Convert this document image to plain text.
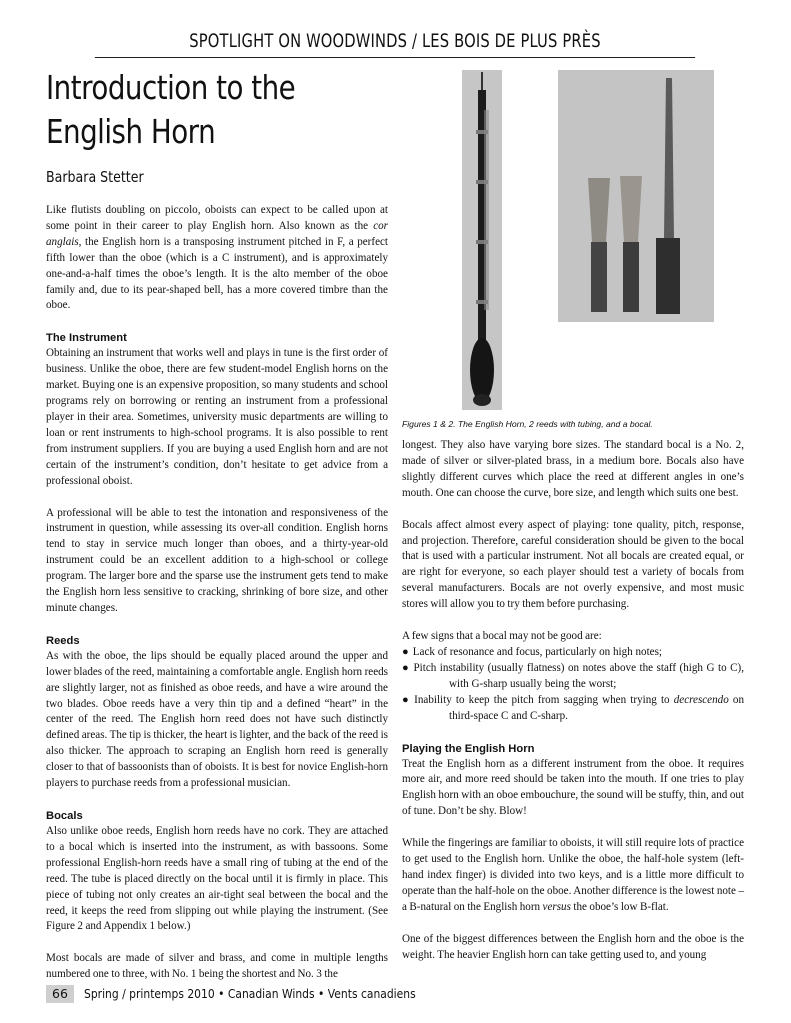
SPOTLIGHT ON WOODWINDS / LES BOIS DE PLUS PRÈS
Introduction to the English Horn
Barbara Stetter

Like flutists doubling on piccolo, oboists can expect to be called upon at some point in their career to play English horn. Also known as the cor anglais, the English horn is a transposing instrument pitched in F, a perfect fifth lower than the oboe (which is a C instrument), and is approximately one-and-a-half times the oboe’s length. It is the alto member of the oboe family and, due to its pear-shaped bell, has a more covered timbre than the oboe.

The Instrument

Obtaining an instrument that works well and plays in tune is the first order of business. Unlike the oboe, there are few student-model English horns on the market. Buying one is an expensive proposition, so many students and school programs rely on borrowing or renting an instrument from a professional player in their area. Sometimes, university music departments are willing to loan or rent instruments to high-school programs. It is also possible to rent from instrument suppliers. If you are buying a used English horn and are not certain of the instrument’s condition, don’t hesitate to get advice from a professional oboist.

A professional will be able to test the intonation and responsiveness of the instrument in question, while assessing its over-all condition. English horns tend to stay in service much longer than oboes, and a thirty-year-old instrument could be an excellent addition to a high-school or college program. The larger bore and the sparse use the instrument gets tend to make the English horn less sensitive to cracking, shrinking of bore size, and other minute changes.

Reeds

As with the oboe, the lips should be equally placed around the upper and lower blades of the reed, maintaining a comfortable angle. English horn reeds are slightly larger, not as finished as oboe reeds, and have a wire around the two blades. Oboe reeds have a very thin tip and a defined “heart” in the center of the reed. The English horn reed does not have such distinctly defined areas. The tip is thicker, the heart is lighter, and the back of the reed is also thicker. The approach to scraping an English horn reed is generally closer to that of bassoonists than of oboists. It is best for novice English-horn players to purchase reeds from a professional musician.

Bocals

Also unlike oboe reeds, English horn reeds have no cork. They are attached to a bocal which is inserted into the instrument, as with bassoons. Some professional English-horn reeds have a small ring of tubing at the end of the reed. The tube is placed directly on the bocal until it is firmly in place. This piece of tubing not only creates an air-tight seal between the bocal and the reed, it keeps the reed from slipping out while playing the instrument. (See Figure 2 and Appendix 1 below.)

Most bocals are made of silver and brass, and come in multiple lengths numbered one to three, with No. 1 being the shortest and No. 3 the

Figures 1 & 2. The English Horn, 2 reeds with tubing, and a bocal.

longest. They also have varying bore sizes. The standard bocal is a No. 2, made of silver or silver-plated brass, in a medium bore. Bocals also have slightly different curves which place the reed at different angles in one’s mouth. One can choose the curve, bore size, and length which suits one best.

Bocals affect almost every aspect of playing: tone quality, pitch, response, and projection. Therefore, careful consideration should be given to the bocal that is used with a particular instrument. Not all bocals are created equal, or are right for everyone, so each player should test a variety of bocals from several manufacturers. Bocals are not overly expensive, and most music stores will allow you to try them before purchasing.

A few signs that a bocal may not be good are:

● Lack of resonance and focus, particularly on high notes;
● Pitch instability (usually flatness) on notes above the staff (high G to C), with G-sharp usually being the worst;
● Inability to keep the pitch from sagging when trying to decrescendo on third-space C and C-sharp.
Playing the English Horn

Treat the English horn as a different instrument from the oboe. It requires more air, and more reed should be taken into the mouth. If one tries to play English horn with an oboe embouchure, the sound will be stuffy, thin, and out of tune. Don’t be shy. Blow!

While the fingerings are familiar to oboists, it will still require lots of practice to get used to the English horn. Unlike the oboe, the half-hole system (left-hand index finger) is divided into two keys, and is a little more difficult to operate than the half-hole on the oboe. Another difference is the lowest note – a B-natural on the English horn versus the oboe’s low B-flat.

One of the biggest differences between the English horn and the oboe is the weight. The heavier English horn can take getting used to, and young

66 Spring / printemps 2010 • Canadian Winds • Vents canadiens
